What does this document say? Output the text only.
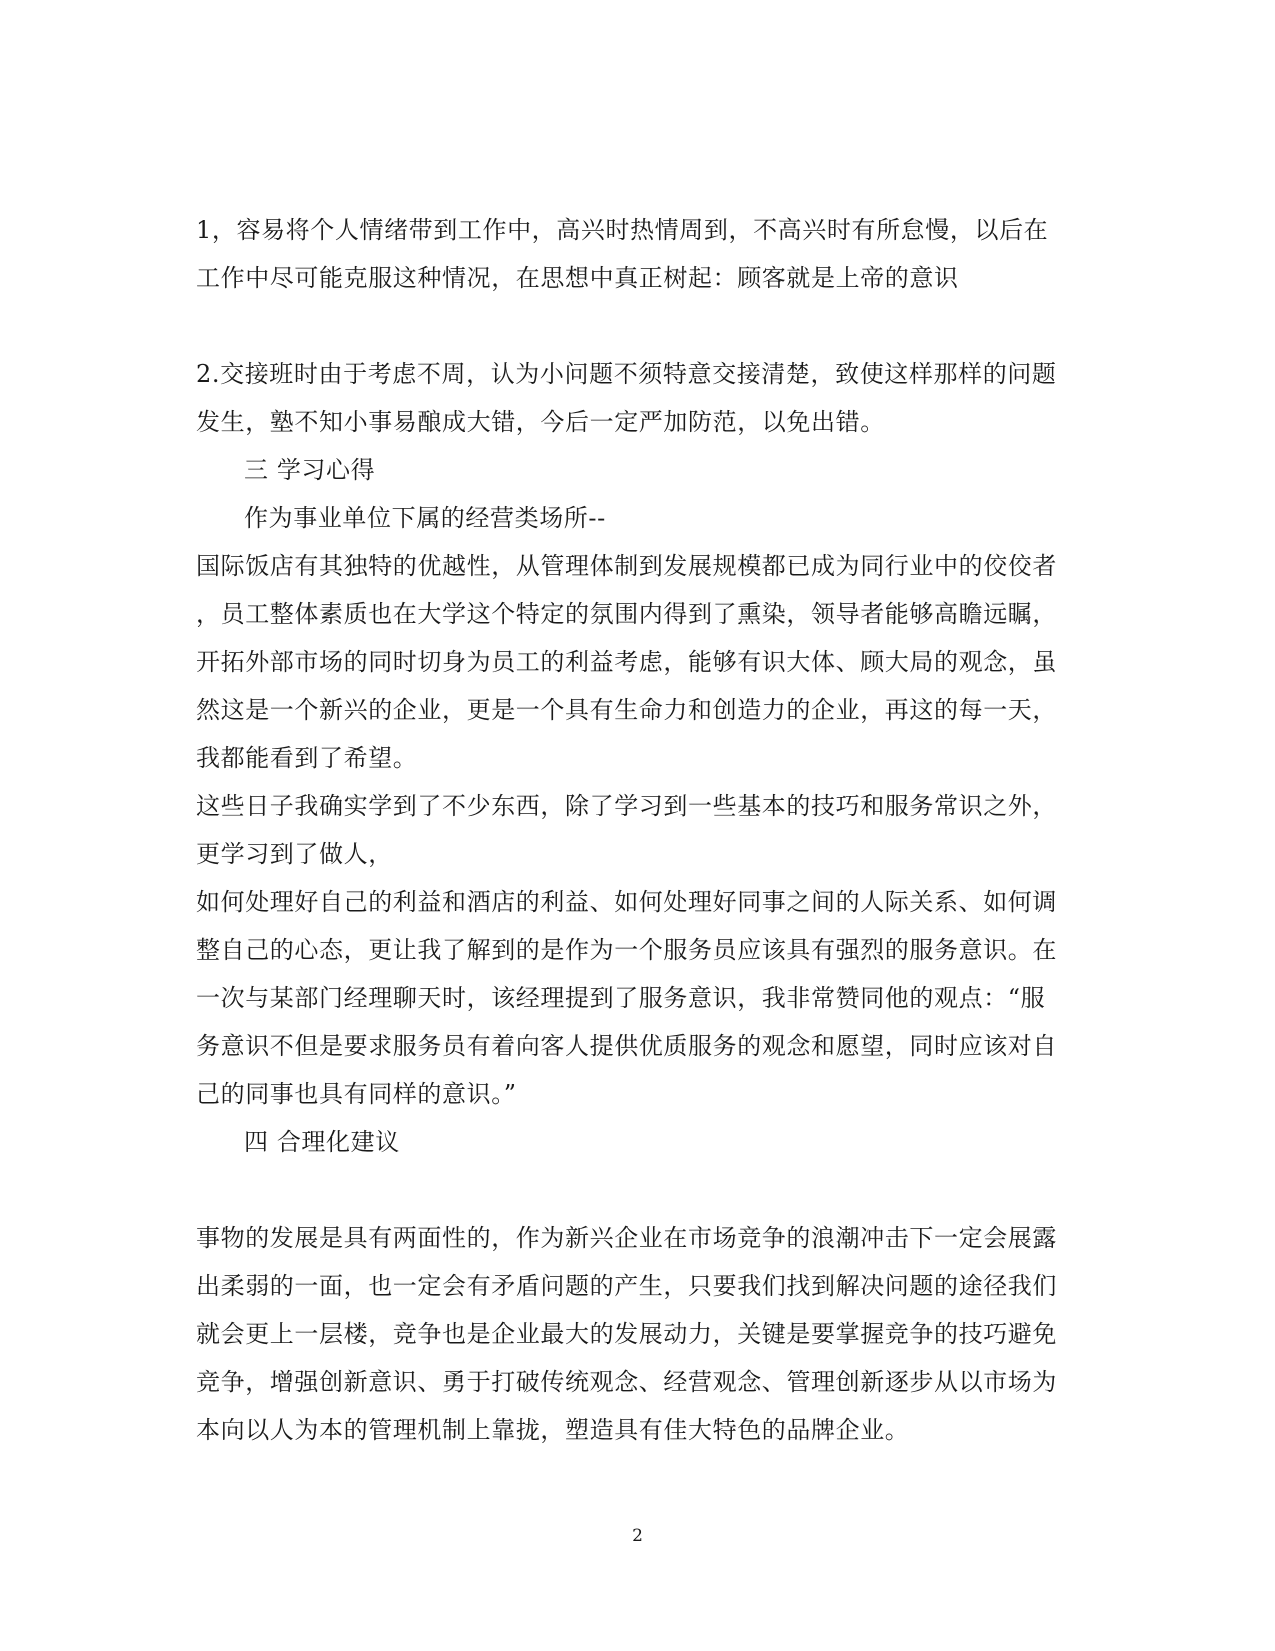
1，容易将个人情绪带到工作中，高兴时热情周到，不高兴时有所怠慢，以后在
工作中尽可能克服这种情况，在思想中真正树起：顾客就是上帝的意识
2.交接班时由于考虑不周，认为小问题不须特意交接清楚，致使这样那样的问题
发生，塾不知小事易酿成大错，今后一定严加防范，以免出错。
三 学习心得
作为事业单位下属的经营类场所--
国际饭店有其独特的优越性，从管理体制到发展规模都已成为同行业中的佼佼者
，员工整体素质也在大学这个特定的氛围内得到了熏染，领导者能够高瞻远瞩，
开拓外部市场的同时切身为员工的利益考虑，能够有识大体、顾大局的观念，虽
然这是一个新兴的企业，更是一个具有生命力和创造力的企业，再这的每一天，
我都能看到了希望。
这些日子我确实学到了不少东西，除了学习到一些基本的技巧和服务常识之外，
更学习到了做人，
如何处理好自己的利益和酒店的利益、如何处理好同事之间的人际关系、如何调
整自己的心态，更让我了解到的是作为一个服务员应该具有强烈的服务意识。在
一次与某部门经理聊天时，该经理提到了服务意识，我非常赞同他的观点：“服
务意识不但是要求服务员有着向客人提供优质服务的观念和愿望，同时应该对自
己的同事也具有同样的意识。”
四 合理化建议
事物的发展是具有两面性的，作为新兴企业在市场竞争的浪潮冲击下一定会展露
出柔弱的一面，也一定会有矛盾问题的产生，只要我们找到解决问题的途径我们
就会更上一层楼，竞争也是企业最大的发展动力，关键是要掌握竞争的技巧避免
竞争，增强创新意识、勇于打破传统观念、经营观念、管理创新逐步从以市场为
本向以人为本的管理机制上靠拢，塑造具有佳大特色的品牌企业。
2
